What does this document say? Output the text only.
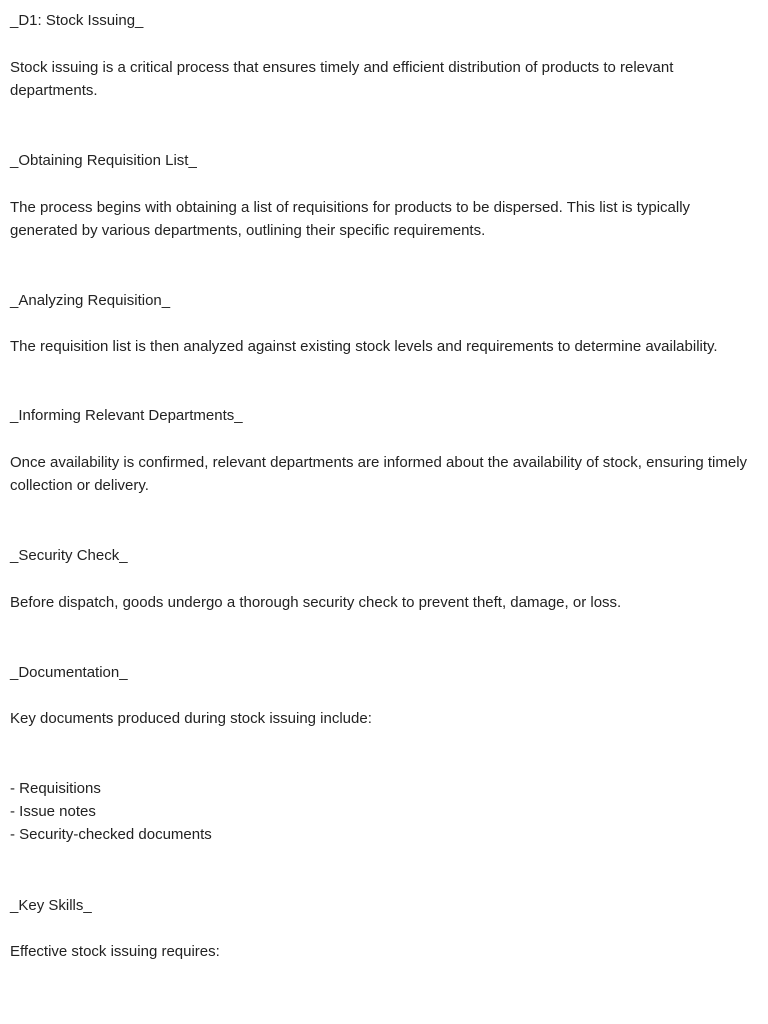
_D1: Stock Issuing_

Stock issuing is a critical process that ensures timely and efficient distribution of products to relevant departments.

_Obtaining Requisition List_

The process begins with obtaining a list of requisitions for products to be dispersed. This list is typically generated by various departments, outlining their specific requirements.

_Analyzing Requisition_

The requisition list is then analyzed against existing stock levels and requirements to determine availability.

_Informing Relevant Departments_

Once availability is confirmed, relevant departments are informed about the availability of stock, ensuring timely collection or delivery.

_Security Check_

Before dispatch, goods undergo a thorough security check to prevent theft, damage, or loss.

_Documentation_

Key documents produced during stock issuing include:

- Requisitions

- Issue notes

- Security-checked documents

_Key Skills_

Effective stock issuing requires:
